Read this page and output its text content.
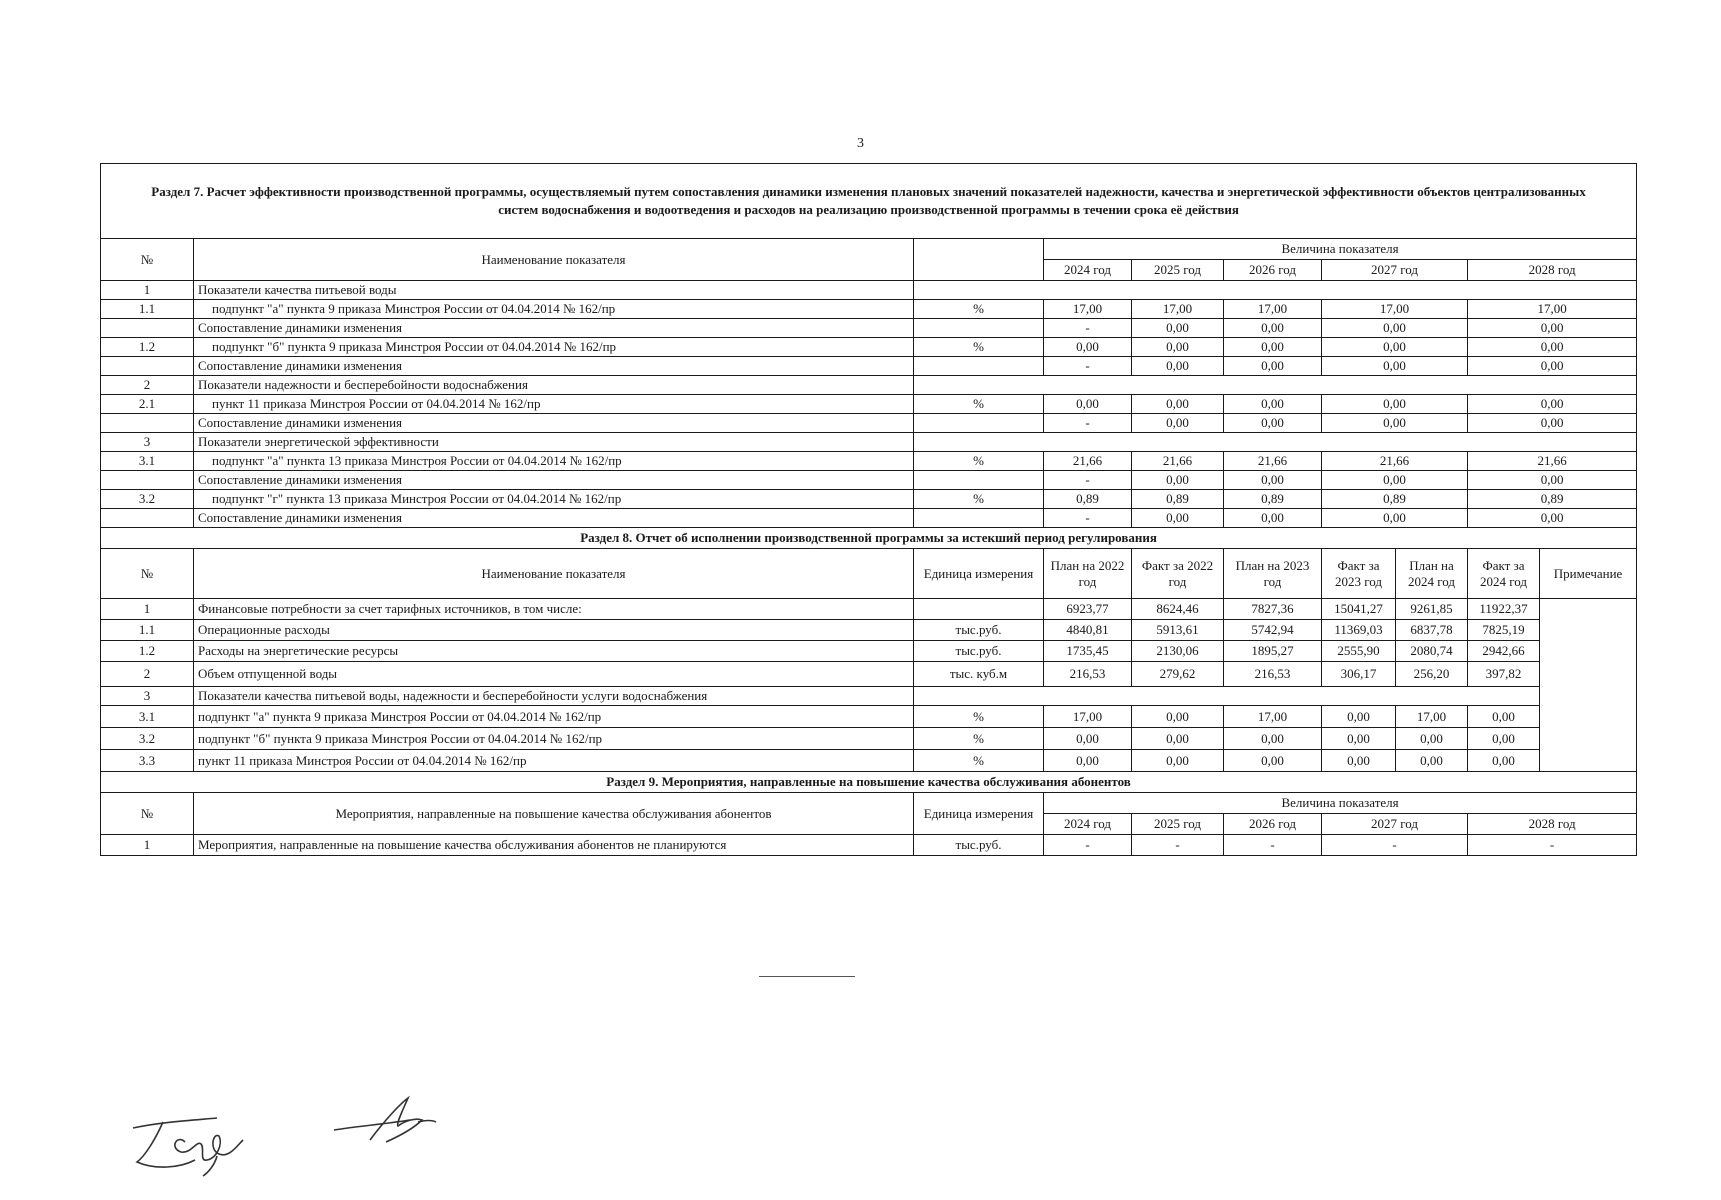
3
Раздел 7. Расчет эффективности производственной программы, осуществляемый путем сопоставления динамики изменения плановых значений показателей надежности, качества и энергетической эффективности объектов централизованных систем водоснабжения и водоотведения и расходов на реализацию производственной программы в течении срока её действия									
№	Наименование показателя		Величина показателя						
			2024 год	2025 год	2026 год	2027 год		2028 год	
1	Показатели качества питьевой воды								
1.1	подпункт "а" пункта 9 приказа Минстроя России от 04.04.2014 № 162/пр	%	17,00	17,00	17,00	17,00		17,00	
	Сопоставление динамики изменения		-	0,00	0,00	0,00		0,00	
1.2	подпункт "б" пункта 9 приказа Минстроя России от 04.04.2014 № 162/пр	%	0,00	0,00	0,00	0,00		0,00	
	Сопоставление динамики изменения		-	0,00	0,00	0,00		0,00	
2	Показатели надежности и бесперебойности водоснабжения								
2.1	пункт 11 приказа Минстроя России от 04.04.2014 № 162/пр	%	0,00	0,00	0,00	0,00		0,00	
	Сопоставление динамики изменения		-	0,00	0,00	0,00		0,00	
3	Показатели энергетической эффективности								
3.1	подпункт "а" пункта 13 приказа Минстроя России от 04.04.2014 № 162/пр	%	21,66	21,66	21,66	21,66		21,66	
	Сопоставление динамики изменения		-	0,00	0,00	0,00		0,00	
3.2	подпункт "г" пункта 13 приказа Минстроя России от 04.04.2014 № 162/пр	%	0,89	0,89	0,89	0,89		0,89	
	Сопоставление динамики изменения		-	0,00	0,00	0,00		0,00	
Раздел 8. Отчет об исполнении производственной программы за истекший период регулирования									
№	Наименование показателя	Единица измерения	План на 2022 год	Факт за 2022 год	План на 2023 год	Факт за 2023 год	План на 2024 год	Факт за 2024 год	Примечание
1	Финансовые потребности за счет тарифных источников, в том числе:		6923,77	8624,46	7827,36	15041,27	9261,85	11922,37	
1.1	Операционные расходы	тыс.руб.	4840,81	5913,61	5742,94	11369,03	6837,78	7825,19	
1.2	Расходы на энергетические ресурсы	тыс.руб.	1735,45	2130,06	1895,27	2555,90	2080,74	2942,66	
2	Объем отпущенной воды	тыс. куб.м	216,53	279,62	216,53	306,17	256,20	397,82	
3	Показатели качества питьевой воды, надежности и бесперебойности услуги водоснабжения								
3.1	подпункт "а" пункта 9 приказа Минстроя России от 04.04.2014 № 162/пр	%	17,00	0,00	17,00	0,00	17,00	0,00	
3.2	подпункт "б" пункта 9 приказа Минстроя России от 04.04.2014 № 162/пр	%	0,00	0,00	0,00	0,00	0,00	0,00	
3.3	пункт 11 приказа Минстроя России от 04.04.2014 № 162/пр	%	0,00	0,00	0,00	0,00	0,00	0,00	
Раздел 9. Мероприятия, направленные на повышение качества обслуживания абонентов									
№	Мероприятия, направленные на повышение качества обслуживания абонентов	Единица измерения	Величина показателя						
			2024 год	2025 год	2026 год	2027 год		2028 год	
1	Мероприятия, направленные на повышение качества обслуживания абонентов не планируются	тыс.руб.	-	-	-	-		-	
